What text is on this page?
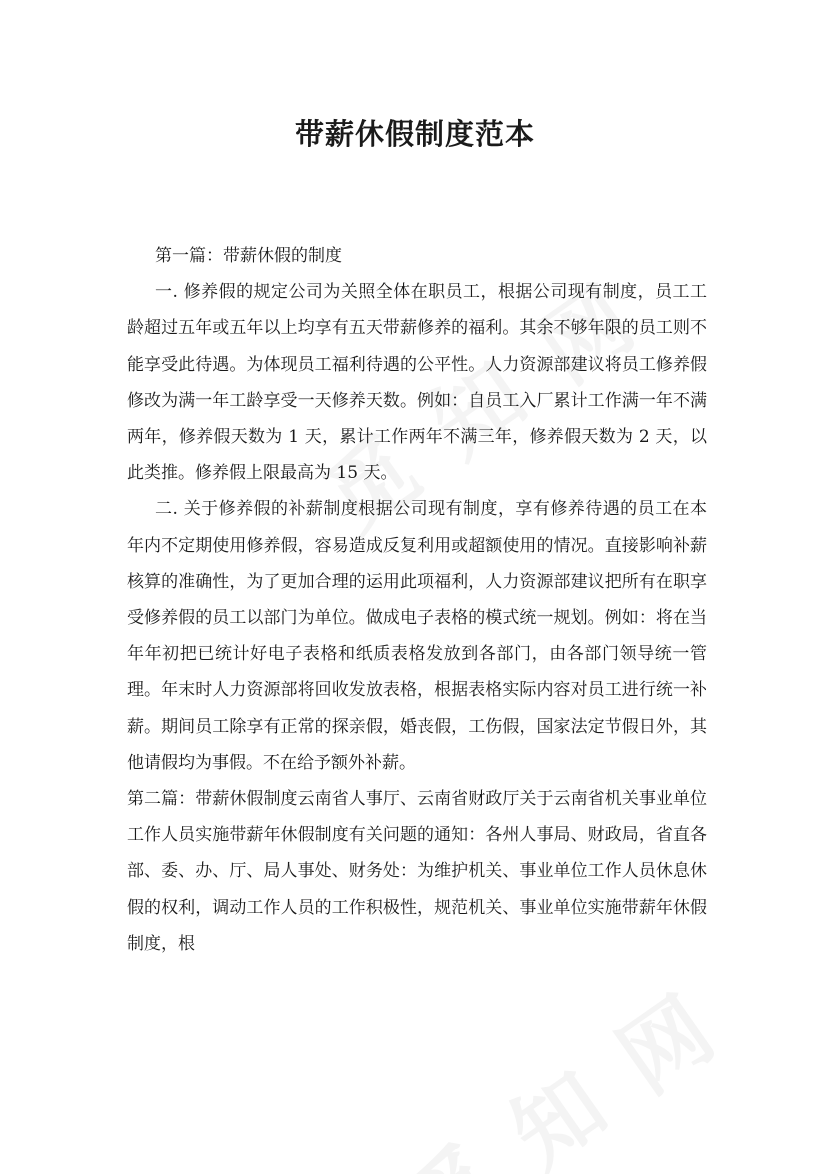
带薪休假制度范本

第一篇：带薪休假的制度

一. 修养假的规定公司为关照全体在职员工，根据公司现有制度，员工工龄超过五年或五年以上均享有五天带薪修养的福利。其余不够年限的员工则不能享受此待遇。为体现员工福利待遇的公平性。人力资源部建议将员工修养假修改为满一年工龄享受一天修养天数。例如：自员工入厂累计工作满一年不满两年，修养假天数为 1 天，累计工作两年不满三年，修养假天数为 2 天，以此类推。修养假上限最高为 15 天。

二. 关于修养假的补薪制度根据公司现有制度，享有修养待遇的员工在本年内不定期使用修养假，容易造成反复利用或超额使用的情况。直接影响补薪核算的准确性，为了更加合理的运用此项福利，人力资源部建议把所有在职享受修养假的员工以部门为单位。做成电子表格的模式统一规划。例如：将在当年年初把已统计好电子表格和纸质表格发放到各部门，由各部门领导统一管理。年末时人力资源部将回收发放表格，根据表格实际内容对员工进行统一补薪。期间员工除享有正常的探亲假，婚丧假，工伤假，国家法定节假日外，其他请假均为事假。不在给予额外补薪。

第二篇：带薪休假制度云南省人事厅、云南省财政厅关于云南省机关事业单位工作人员实施带薪年休假制度有关问题的通知：各州人事局、财政局，省直各部、委、办、厅、局人事处、财务处：为维护机关、事业单位工作人员休息休假的权利，调动工作人员的工作积极性，规范机关、事业单位实施带薪年休假制度，根
